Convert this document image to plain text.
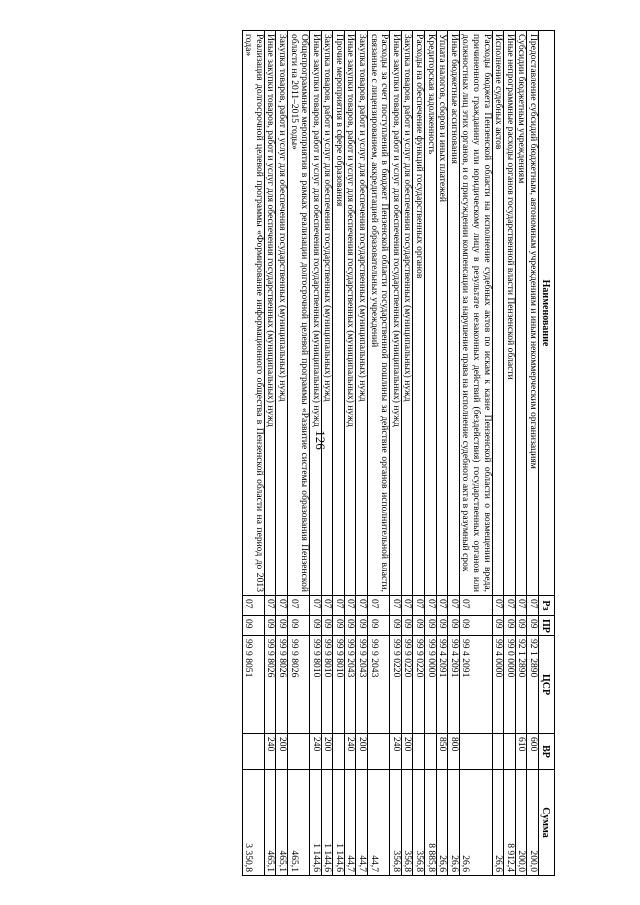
126
Наименование	Рз	ПР	ЦСР	ВР	Сумма
Предоставление субсидий бюджетным, автономным учреждениям и иным некоммерческим организациям	07	09	92 1 2890	600	200,0
Субсидии бюджетным учреждениям	07	09	92 1 2890	610	200,0
Иные непрограммные расходы органов государственной власти Пензенской области	07	09	99 0 0000		8 912,4
Исполнение судебных актов	07	09	99 4 0000		26,6
Расходы бюджета Пензенской области на исполнение судебных актов по искам к казне Пензенской области о возмещении вреда, причиненного гражданину или юридическому лицу в результате незаконных действий (бездействия) государственных органов или должностных лиц этих органов, и о присуждении компенсации за нарушение права на исполнение судебного акта в разумный срок	07	09	99 4 2091		26,6
Иные бюджетные ассигнования	07	09	99 4 2091	800	26,6
Уплата налогов, сборов и иных платежей	07	09	99 4 2091	850	26,6
Кредиторская задолженность	07	09	99 9 0000		8 885,8
Расходы на обеспечение функций государственных органов	07	09	99 9 0220		356,8
Закупка товаров, работ и услуг для обеспечения государственных (муниципальных) нужд	07	09	99 9 0220	200	356,8
Иные закупки товаров, работ и услуг для обеспечения государственных (муниципальных) нужд	07	09	99 9 0220	240	356,8
Расходы за счет поступлений в бюджет Пензенской области государственной пошлины за действие органов исполнительной власти, связанные с лицензированием, аккредитацией образовательных учреждений	07	09	99 9 2043		44,7
Закупка товаров, работ и услуг для обеспечения государственных (муниципальных) нужд	07	09	99 9 2043	200	44,7
Иные закупки товаров, работ и услуг для обеспечения государственных (муниципальных) нужд	07	09	99 9 2043	240	44,7
Прочие мероприятия в сфере образования	07	09	99 9 8010		1 144,6
Закупка товаров, работ и услуг для обеспечения государственных (муниципальных) нужд	07	09	99 9 8010	200	1 144,6
Иные закупки товаров, работ и услуг для обеспечения государственных (муниципальных) нужд	07	09	99 9 8010	240	1 144,6
Общепрограммные мероприятия в рамках реализации долгосрочной целевой программы «Развитие системы образования Пензенской области на 2011–2015 годы»	07	09	99 9 8026		465,1
Закупка товаров, работ и услуг для обеспечения государственных (муниципальных) нужд	07	09	99 9 8026	200	465,1
Иные закупки товаров, работ и услуг для обеспечения государственных (муниципальных) нужд	07	09	99 9 8026	240	465,1
Реализация долгосрочной целевой программы «Формирование информационного общества в Пензенской области на период до 2013 года»	07	09	99 9 8051		3 350,8
